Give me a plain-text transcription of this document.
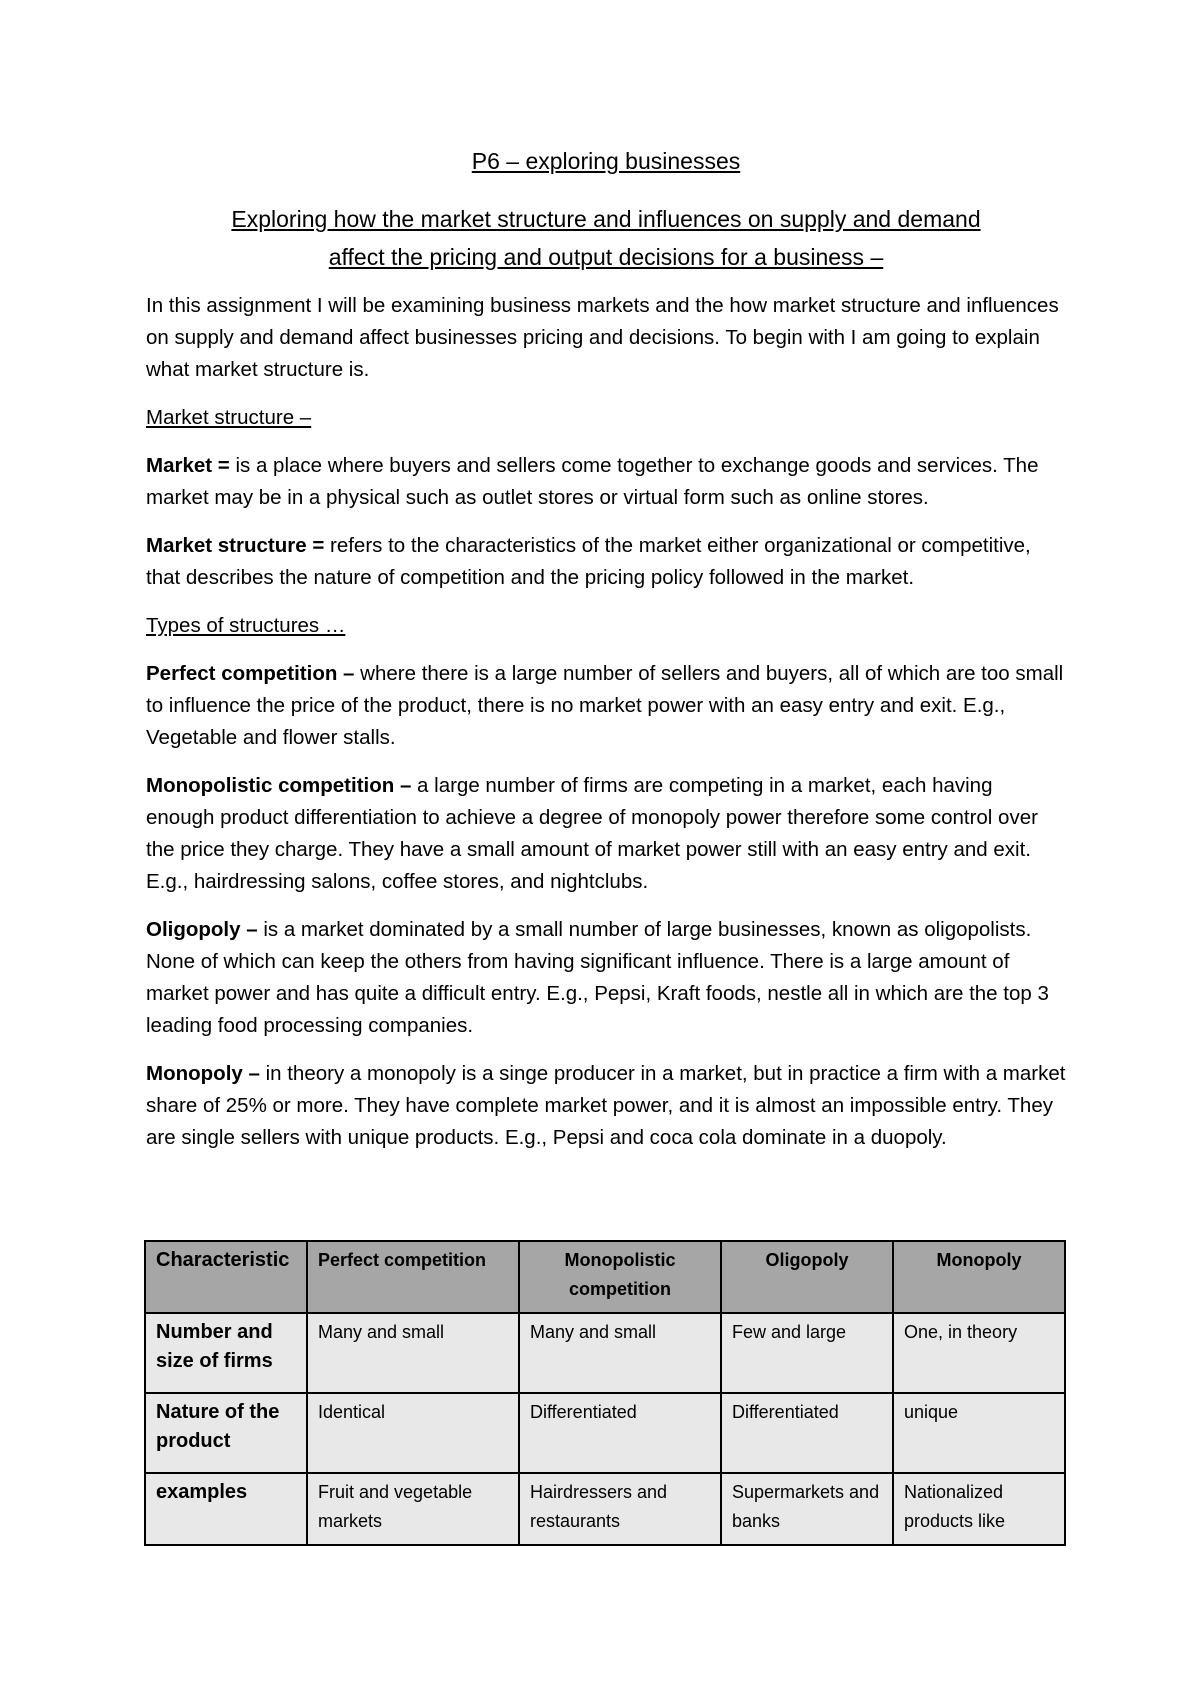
P6 – exploring businesses
Exploring how the market structure and influences on supply and demand
affect the pricing and output decisions for a business –

In this assignment I will be examining business markets and the how market structure and influences on supply and demand affect businesses pricing and decisions. To begin with I am going to explain what market structure is.

Market structure –

Market = is a place where buyers and sellers come together to exchange goods and services. The market may be in a physical such as outlet stores or virtual form such as online stores.

Market structure = refers to the characteristics of the market either organizational or competitive, that describes the nature of competition and the pricing policy followed in the market.

Types of structures …

Perfect competition – where there is a large number of sellers and buyers, all of which are too small to influence the price of the product, there is no market power with an easy entry and exit. E.g., Vegetable and flower stalls.

Monopolistic competition – a large number of firms are competing in a market, each having enough product differentiation to achieve a degree of monopoly power therefore some control over the price they charge. They have a small amount of market power still with an easy entry and exit. E.g., hairdressing salons, coffee stores, and nightclubs.

Oligopoly – is a market dominated by a small number of large businesses, known as oligopolists. None of which can keep the others from having significant influence. There is a large amount of market power and has quite a difficult entry. E.g., Pepsi, Kraft foods, nestle all in which are the top 3 leading food processing companies.

Monopoly – in theory a monopoly is a singe producer in a market, but in practice a firm with a market share of 25% or more. They have complete market power, and it is almost an impossible entry. They are single sellers with unique products. E.g., Pepsi and coca cola dominate in a duopoly.

Characteristic	Perfect competition	Monopolistic competition	Oligopoly	Monopoly
Number and size of firms	Many and small	Many and small	Few and large	One, in theory
Nature of the product	Identical	Differentiated	Differentiated	unique
examples	Fruit and vegetable markets	Hairdressers and restaurants	Supermarkets and banks	Nationalized products like
